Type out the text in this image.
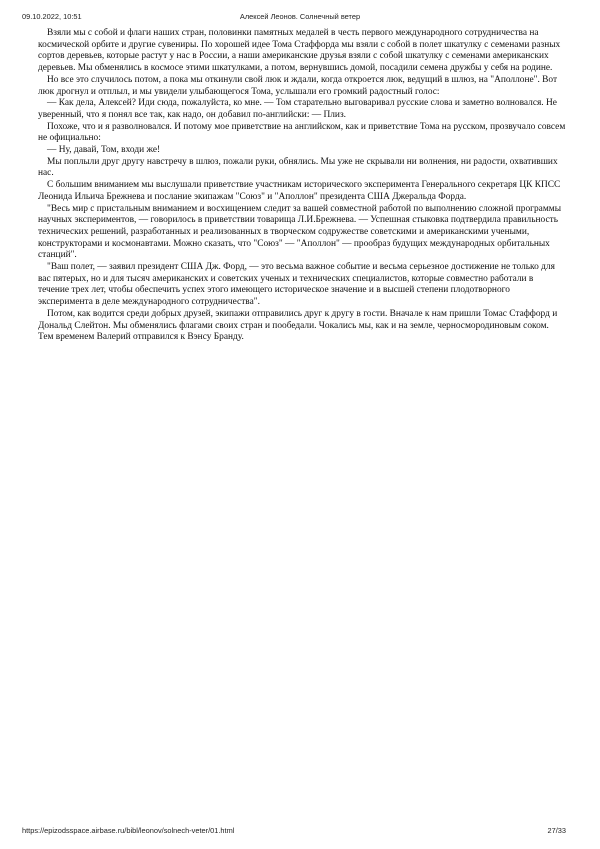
09.10.2022, 10:51	Алексей Леонов. Солнечный ветер

Взяли мы с собой и флаги наших стран, половинки памятных медалей в честь первого международного сотрудничества на космической орбите и другие сувениры. По хорошей идее Тома Стаффорда мы взяли с собой в полет шкатулку с семенами разных сортов деревьев, которые растут у нас в России, а наши американские друзья взяли с собой шкатулку с семенами американских деревьев. Мы обменялись в космосе этими шкатулками, а потом, вернувшись домой, посадили семена дружбы у себя на родине.

Но все это случилось потом, а пока мы откинули свой люк и ждали, когда откроется люк, ведущий в шлюз, на "Аполлоне". Вот люк дрогнул и отплыл, и мы увидели улыбающегося Тома, услышали его громкий радостный голос:

— Как дела, Алексей? Иди сюда, пожалуйста, ко мне. — Том старательно выговаривал русские слова и заметно волновался. Не уверенный, что я понял все так, как надо, он добавил по-английски: — Плиз.

Похоже, что и я разволновался. И потому мое приветствие на английском, как и приветствие Тома на русском, прозвучало совсем не официально:

— Ну, давай, Том, входи же!

Мы поплыли друг другу навстречу в шлюз, пожали руки, обнялись. Мы уже не скрывали ни волнения, ни радости, охвативших нас.

С большим вниманием мы выслушали приветствие участникам исторического эксперимента Генерального секретаря ЦК КПСС Леонида Ильича Брежнева и послание экипажам "Союз" и "Аполлон" президента США Джеральда Форда.

"Весь мир с пристальным вниманием и восхищением следит за вашей совместной работой по выполнению сложной программы научных экспериментов, — говорилось в приветствии товарища Л.И.Брежнева. — Успешная стыковка подтвердила правильность технических решений, разработанных и реализованных в творческом содружестве советскими и американскими учеными, конструкторами и космонавтами. Можно сказать, что "Союз" — "Аполлон" — прообраз будущих международных орбитальных станций".

"Ваш полет, — заявил президент США Дж. Форд, — это весьма важное событие и весьма серьезное достижение не только для вас пятерых, но и для тысяч американских и советских ученых и технических специалистов, которые совместно работали в течение трех лет, чтобы обеспечить успех этого имеющего историческое значение и в высшей степени плодотворного эксперимента в деле международного сотрудничества".

Потом, как водится среди добрых друзей, экипажи отправились друг к другу в гости. Вначале к нам пришли Томас Стаффорд и Дональд Слейтон. Мы обменялись флагами своих стран и пообедали. Чокались мы, как и на земле, черносмородиновым соком. Тем временем Валерий отправился к Вэнсу Бранду.

https://epizodsspace.airbase.ru/bibl/leonov/solnech-veter/01.html	27/33
